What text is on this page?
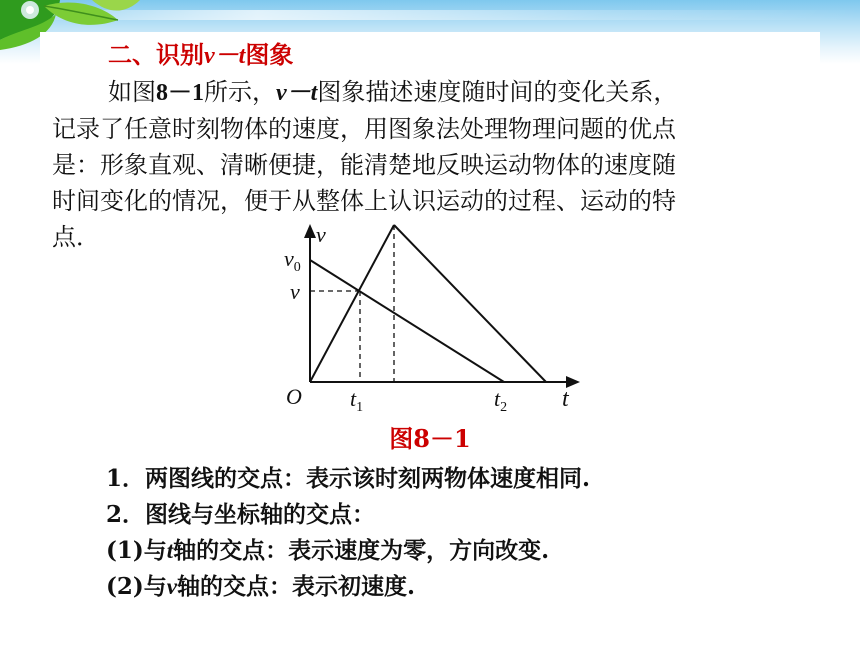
二、识别v－t图象

如图8－1所示，v－t图象描述速度随时间的变化关系，
记录了任意时刻物体的速度，用图象法处理物理问题的优点
是：形象直观、清晰便捷，能清楚地反映运动物体的速度随
时间变化的情况，便于从整体上认识运动的过程、运动的特
点．	v
$v_0$
v
O $t_1$	$t_2$ t
图8－1
1．两图线的交点：表示该时刻两物体速度相同.
2．图线与坐标轴的交点：
(1)与t轴的交点：表示速度为零，方向改变.
(2)与v轴的交点：表示初速度.
